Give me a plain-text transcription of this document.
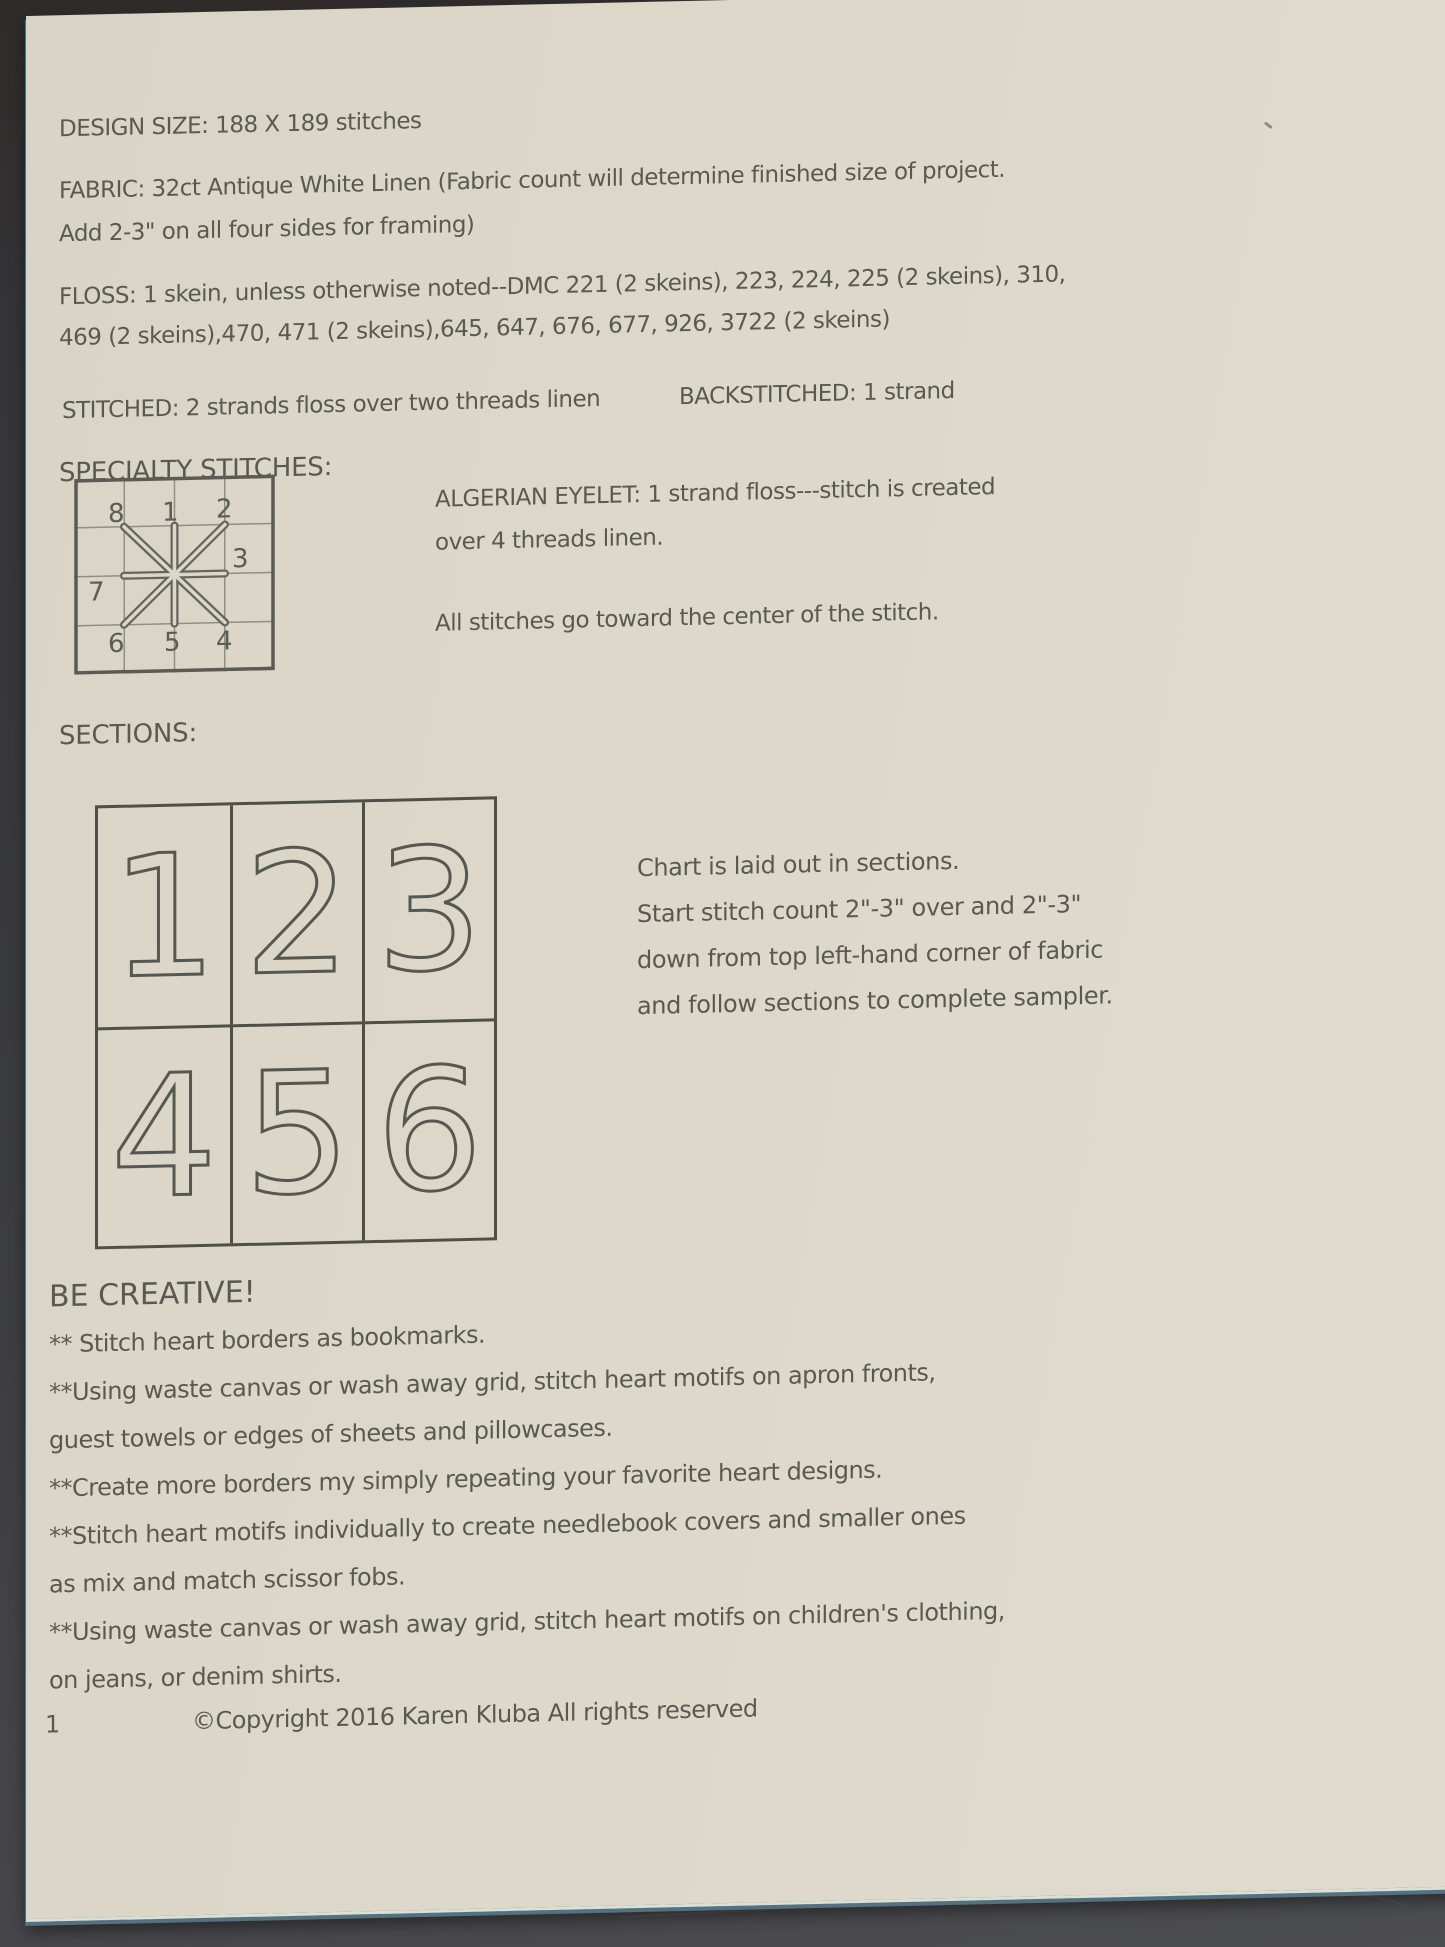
DESIGN SIZE: 188 X 189 stitches
FABRIC: 32ct Antique White Linen (Fabric count will determine finished size of project.
Add 2-3" on all four sides for framing)
FLOSS: 1 skein, unless otherwise noted--DMC 221 (2 skeins), 223, 224, 225 (2 skeins), 310,
469 (2 skeins),470, 471 (2 skeins),645, 647, 676, 677, 926, 3722 (2 skeins)
STITCHED: 2 strands floss over two threads linen	BACKSTITCHED: 1 strand
SPECIALTY STITCHES:
8 1 2
3
7
6 5 4
ALGERIAN EYELET: 1 strand floss---stitch is created
over 4 threads linen.
All stitches go toward the center of the stitch.
SECTIONS:
1 2 3
4 5 6
Chart is laid out in sections.
Start stitch count 2"-3" over and 2"-3"
down from top left-hand corner of fabric
and follow sections to complete sampler.
BE CREATIVE!
** Stitch heart borders as bookmarks.
**Using waste canvas or wash away grid, stitch heart motifs on apron fronts,
guest towels or edges of sheets and pillowcases.
**Create more borders my simply repeating your favorite heart designs.
**Stitch heart motifs individually to create needlebook covers and smaller ones
as mix and match scissor fobs.
**Using waste canvas or wash away grid, stitch heart motifs on children's clothing,
on jeans, or denim shirts.
1	©Copyright 2016 Karen Kluba All rights reserved
